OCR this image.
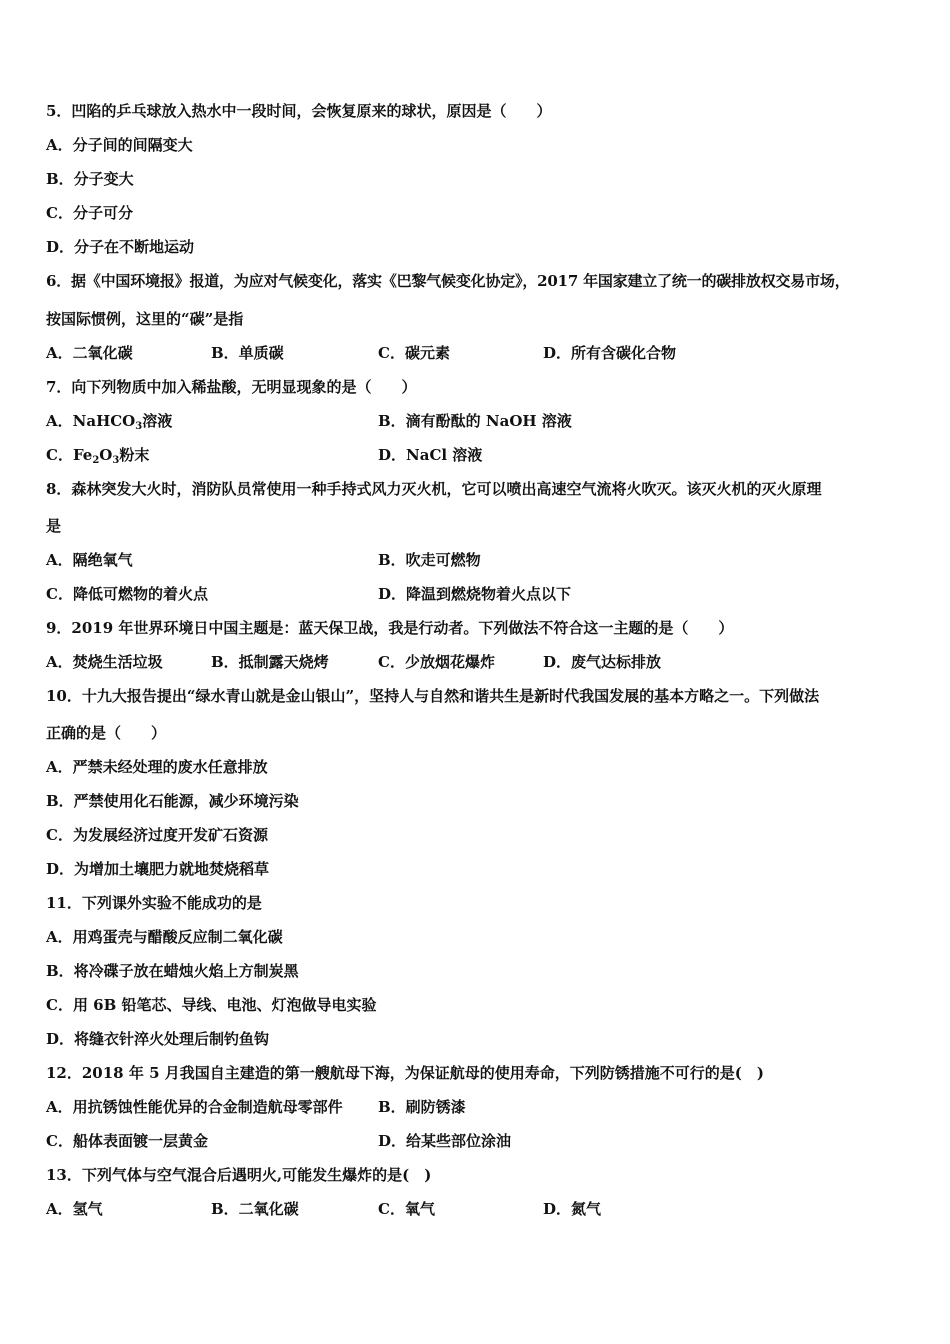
5．凹陷的乒乓球放入热水中一段时间，会恢复原来的球状，原因是（　　）
A．分子间的间隔变大
B．分子变大
C．分子可分
D．分子在不断地运动
6．据《中国环境报》报道，为应对气候变化，落实《巴黎气候变化协定》，2017 年国家建立了统一的碳排放权交易市场，
按国际惯例，这里的“碳”是指
A．二氧化碳	B．单质碳	C．碳元素	D．所有含碳化合物
7．向下列物质中加入稀盐酸，无明显现象的是（　　）
A．NaHCO$_3$溶液	B．滴有酚酞的 NaOH 溶液
C．$Fe_2O_3$粉末	D．NaCl 溶液
8．森林突发大火时，消防队员常使用一种手持式风力灭火机，它可以喷出高速空气流将火吹灭。该灭火机的灭火原理
是
A．隔绝氧气	B．吹走可燃物
C．降低可燃物的着火点	D．降温到燃烧物着火点以下
9．2019 年世界环境日中国主题是：蓝天保卫战，我是行动者。下列做法不符合这一主题的是（　　）
A．焚烧生活垃圾	B．抵制露天烧烤	C．少放烟花爆炸	D．废气达标排放
10．十九大报告提出“绿水青山就是金山银山”，坚持人与自然和谐共生是新时代我国发展的基本方略之一。下列做法
正确的是（　　）
A．严禁未经处理的废水任意排放
B．严禁使用化石能源，减少环境污染
C．为发展经济过度开发矿石资源
D．为增加土壤肥力就地焚烧稻草
11．下列课外实验不能成功的是
A．用鸡蛋壳与醋酸反应制二氧化碳
B．将冷碟子放在蜡烛火焰上方制炭黑
C．用 6B 铅笔芯、导线、电池、灯泡做导电实验
D．将缝衣针淬火处理后制钓鱼钩
12．2018 年 5 月我国自主建造的第一艘航母下海，为保证航母的使用寿命，下列防锈措施不可行的是(　)
A．用抗锈蚀性能优异的合金制造航母零部件 B．刷防锈漆
C．船体表面镀一层黄金	D．给某些部位涂油
13．下列气体与空气混合后遇明火,可能发生爆炸的是(　)
A．氢气	B．二氧化碳	C．氧气	D．氮气
